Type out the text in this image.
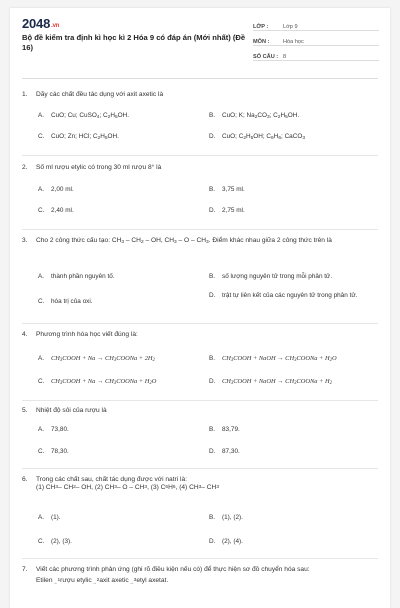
2048.vn
Bộ đề kiểm tra định kì học kì 2 Hóa 9 có đáp án (Mới nhất) (Đề 16)
LỚP :	Lớp 9
MÔN :	Hóa học
SỐ CÂU : 8
1.	Dãy các chất đều tác dụng với axit axetic là
2.	Số ml rượu etylic có trong 30 ml rượu 8° là
3.	Cho 2 công thức cấu tạo: $CH_3 - CH_2$ – OH, $CH_3$ – O – $CH_3$. Điểm khác nhau giữa 2 công thức trên là
4.	Phương trình hóa học viết đúng là:
5.	Nhiệt độ sôi của rượu là
6.	Trong các chất sau, chất tác dụng được với natri là:
7.	Viết các phương trình phản ứng (ghi rõ điều kiện nếu có) để thực hiện sơ đồ chuyển hóa sau:
A.	CuO; Cu; CuSO$_4$; $C_2H_5OH$.	B.	CuO; K; $Na_2CO_3$; $C_2H_5OH$.
C.	CuO; Zn; HCl; $C_2H_5OH$.	D.	CuO; $C_2H_5OH$; $C_6H_6$; CaCO$_3$
A.	2,00 ml.	B.	3,75 ml.
C.	2,40 ml.	D.	2,75 ml.
A.	thành phần nguyên tố.	B.	số lượng nguyên tử trong mỗi phân tử.
C.	hóa trị của oxi.
D.	trật tự liên kết của các nguyên tử trong phân tử.
A.	$CH_3COOH + Na$ → $CH_3COONa + 2H_2$	B.	$CH_3COOH$ + NaOH → $CH_3COONa + H_2O$
C.	$CH_3COOH + Na$ → $CH_3COONa + H_2O$	D.	$CH_3COOH$ + NaOH → $CH_3COONa + H_2$
A.	73,80.	B.	83,79.
C.	78,30.	D.	87,30.
(1) CH 3 – CH 2 – OH, (2) CH 3 – O – CH 3 , (3) C 6 H 6 , (4) CH 3 – CH 3
A.	(1).	B.	(1), (2).
C.	(2), (3).	D.	(2), (4).
Etilen →$^1$ rượu etylic →$^2$ axit axetic →$^3$ etyl axetat.
